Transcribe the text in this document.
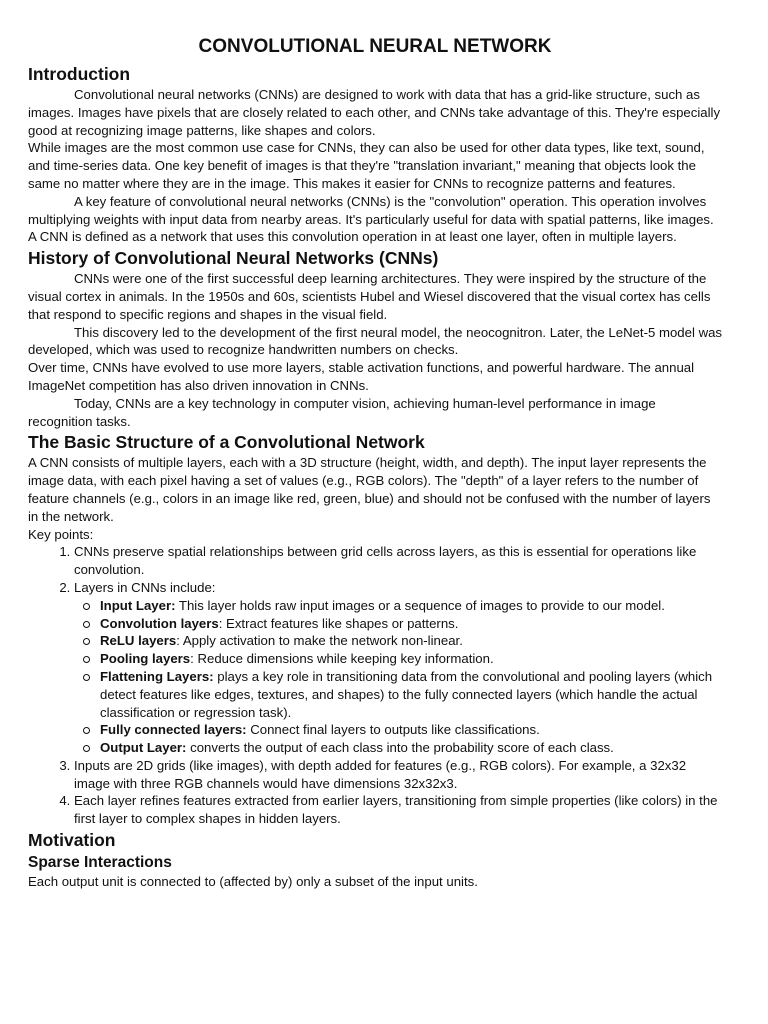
CONVOLUTIONAL NEURAL NETWORK
Introduction

Convolutional neural networks (CNNs) are designed to work with data that has a grid-like structure, such as images. Images have pixels that are closely related to each other, and CNNs take advantage of this. They're especially good at recognizing image patterns, like shapes and colors.

While images are the most common use case for CNNs, they can also be used for other data types, like text, sound, and time-series data. One key benefit of images is that they're "translation invariant," meaning that objects look the same no matter where they are in the image. This makes it easier for CNNs to recognize patterns and features.

A key feature of convolutional neural networks (CNNs) is the "convolution" operation. This operation involves multiplying weights with input data from nearby areas. It's particularly useful for data with spatial patterns, like images. A CNN is defined as a network that uses this convolution operation in at least one layer, often in multiple layers.

History of Convolutional Neural Networks (CNNs)

CNNs were one of the first successful deep learning architectures. They were inspired by the structure of the visual cortex in animals. In the 1950s and 60s, scientists Hubel and Wiesel discovered that the visual cortex has cells that respond to specific regions and shapes in the visual field.

This discovery led to the development of the first neural model, the neocognitron. Later, the LeNet-5 model was developed, which was used to recognize handwritten numbers on checks.

Over time, CNNs have evolved to use more layers, stable activation functions, and powerful hardware. The annual ImageNet competition has also driven innovation in CNNs.

Today, CNNs are a key technology in computer vision, achieving human-level performance in image recognition tasks.

The Basic Structure of a Convolutional Network

A CNN consists of multiple layers, each with a 3D structure (height, width, and depth). The input layer represents the image data, with each pixel having a set of values (e.g., RGB colors). The "depth" of a layer refers to the number of feature channels (e.g., colors in an image like red, green, blue) and should not be confused with the number of layers in the network.

Key points:

1. CNNs preserve spatial relationships between grid cells across layers, as this is essential for operations like convolution.
2. Layers in CNNs include:
Input Layer: This layer holds raw input images or a sequence of images to provide to our model.
Convolution layers: Extract features like shapes or patterns.
ReLU layers: Apply activation to make the network non-linear.
Pooling layers: Reduce dimensions while keeping key information.
Flattening Layers: plays a key role in transitioning data from the convolutional and pooling layers (which detect features like edges, textures, and shapes) to the fully connected layers (which handle the actual classification or regression task).
Fully connected layers: Connect final layers to outputs like classifications.
Output Layer: converts the output of each class into the probability score of each class.
3. Inputs are 2D grids (like images), with depth added for features (e.g., RGB colors). For example, a 32x32 image with three RGB channels would have dimensions 32x32x3.
4. Each layer refines features extracted from earlier layers, transitioning from simple properties (like colors) in the first layer to complex shapes in hidden layers.
Motivation
Sparse Interactions

Each output unit is connected to (affected by) only a subset of the input units.
